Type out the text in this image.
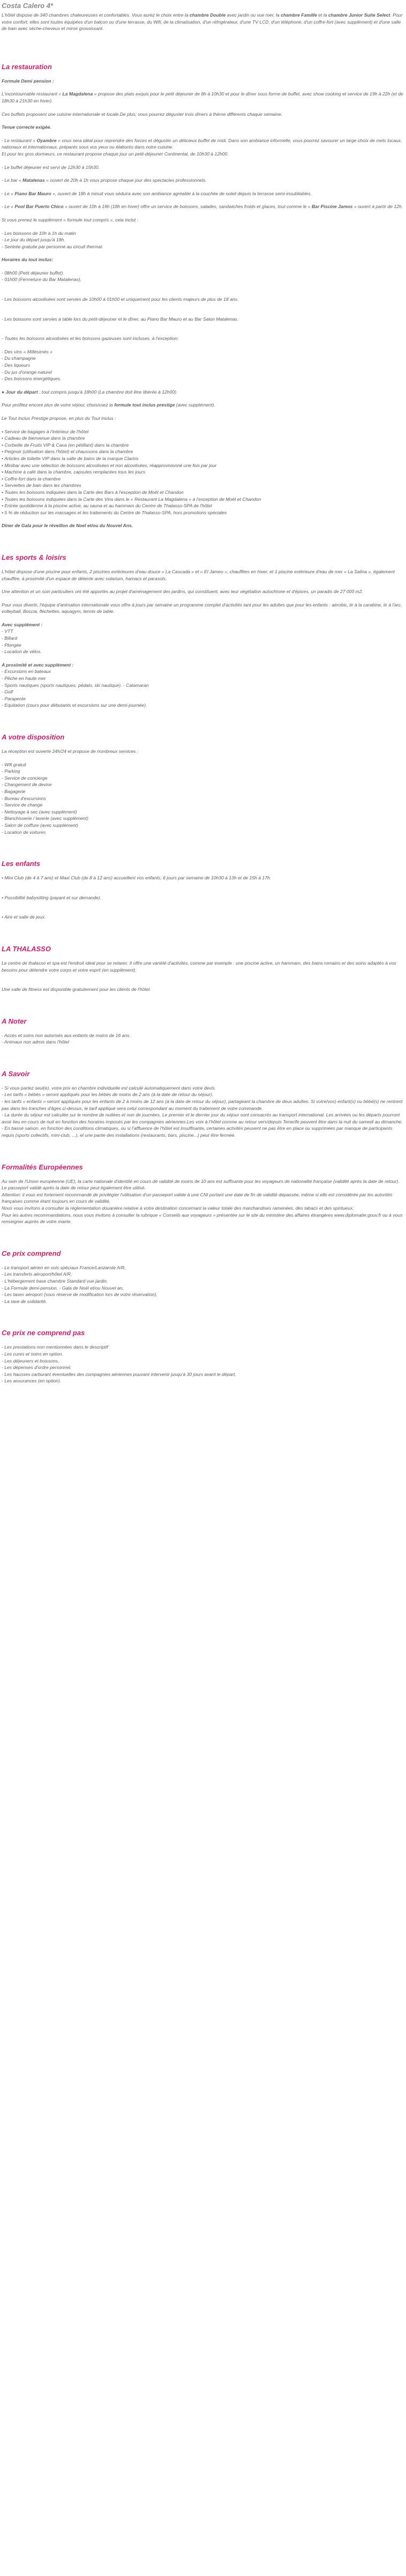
Costa Calero 4*
L'hôtel dispose de 340 chambres chaleureuses et confortables. Vous aurez le choix entre la chambre Double avec jardin ou vue mer, la chambre Famille et la chambre Junior Suite Select. Pour votre confort, elles sont toutes équipées d'un balcon ou d'une terrasse, du Wifi, de la climatisation, d'un réfrigérateur, d'une TV LCD, d'un téléphone, d'un coffre-fort (avec supplément) et d'une salle de bain avec sèche-cheveux et miroir grossissant.
La restauration
Formule Demi pension :
L'incontournable restaurant « La Magdalena » propose des plats exquis pour le petit déjeuner de 8h à 10h30 et pour le dîner sous forme de buffet, avec show cooking et service de 19h à 22h (et de 18h30 à 21h30 en hiver).
Ces buffets proposent une cuisine internationale et locale.De plus, vous pourrez déguster trois dîners à thème différents chaque semaine.
Tenue correcte exigée.
- Le restaurant « Oyambre » vous sera idéal pour reprendre des forces et déguster un délicieux buffet de midi. Dans son ambiance informelle, vous pourrez savourer un large choix de mets locaux, nationaux et internationaux, préparés sous vos yeux ou élaborés dans notre cuisine.
Et pour les gros dormeurs, ce restaurant propose chaque jour un petit-déjeuner Continental, de 10h30 à 12h00.
- Le buffet déjeuner est servi de 12h30 à 15h30.
- Le bar « Matalenas » ouvert de 20h à 1h vous propose chaque jour des spectacles professionnels.
- Le « Piano Bar Mauro », ouvert de 18h à minuit vous séduira avec son ambiance agréable à la couchée de soleil depuis la terrasse semi-insubliables.
- Le « Pool Bar Puerto Chico » ouvert de 10h à 19h (18h en hiver) offre un service de boissons, salades, sandwiches froids et glaces, tout comme le « Bar Piscine Jamos » ouvert à partir de 12h.
Si vous prenez le supplément « formule tout compris », cela inclut :
- Les boissons de 10h à 1h du matin
- Le jour du départ jusqu'à 18h.
- Sentrée gratuite par personne au circuit thermal.
Horaires du tout inclus:
- 08h00 (Petit déjeuner buffet).
- 01h00 (Fermeture du Bar Matalenas).
- Les boissons alcoolisées sont servies de 10h00 à 01h00 et uniquement pour les clients majeurs de plus de 18 ans.
- Les boissons sont servies à table lors du petit-déjeuner et le dîner, au Piano Bar Mauro et au Bar Salon Matalenas.
- Toutes les boissons alcoolisées et les boissons gazeuses sont incluses, à l'exception:
- Des vins « Millésimés »
- Du champagne
- Des liqueurs
- Du jus d'orange naturel
- Des boissons énergétiques.
● Jour du départ : tout compris jusqu'à 18h00 (La chambre doit être libérée à 12h00).
Pour profitez encore plus de votre séjour, choisissez la formule tout inclus prestige (avec supplément).
Le Tout Inclus Prestige propose, en plus du Tout Inclus :
• Service de bagages à l'intérieur de l'hôtel
• Cadeau de bienvenue dans la chambre
• Corbeille de Fruits VIP & Cava (en pétillant) dans la chambre
• Peignoir (utilisation dans l'hôtel) et chaussons dans la chambre
• Articles de toilette VIP dans la salle de bains de la marque Clarins
• Minibar avec une sélection de boissons alcoolisées et non alcoolisées, réapprovisionné une fois par jour
• Machine à café dans la chambre, capsules remplacées tous les jours
• Coffre-fort dans la chambre
• Serviettes de bain dans les chambres
• Toutes les boissons indiquées dans la Carte des Bars à l'exception de Moët et Chandon
• Toutes les boissons indiquées dans la Carte des Vins dans le « Restaurant La Magdalena » à l'exception de Moët et Chandon
• Entrée quotidienne à la piscine active, au sauna et au hammam du Centre de Thalasso-SPA de l'hôtel
• 5 % de réduction sur les massages et les traitements du Centre de Thalasso-SPA, hors promotions spéciales
Dîner de Gala pour le réveillon de Noel et/ou du Nouvel Ans.
Les sports & loisirs
L'hôtel dispose d'une piscine pour enfants, 2 piscines extérieures d'eau douce « La Cascada » et « El Jameo », chauffées en hiver, et 1 piscine extérieure d'eau de mer « La Salina », également chauffée, à proximité d'un espace de détente avec solarium, hamacs et parasols.
Une attention et un soin particuliers ont été apportés au projet d'aménagement des jardins, qui constituent, avec leur végétation autochtone et d'épices, un paradis de 27 000 m2.
Pour vous divertir, l'équipe d'animation internationale vous offre à jours par semaine un programme complet d'activités tant pour les adultes que pour les enfants : aérobic, tir à la carabine, tir à l'arc, volleyball, Boccia, fléchettes, aquagym, tennis de table.
Avec supplément :
- VTT
- Billard
- Plongée
- Location de vélos.
A proximité et avec supplément :
- Excursions en bateaux
- Pêche en haute mer
- Sports nautiques (sports nautiques, pédalo, ski nautique). - Catamaran
- Golf
- Parapente
- Equitation (cours pour débutants et excursions sur une demi-journée).
A votre disposition
La réception est ouverte 24h/24 et propose de nombreux services :
- Wifi gratuit
- Parking
- Service de concierge
- Changement de devise
- Bagagerie
- Bureau d'excursions
- Service de change
- Nettoyage à sec (avec supplément)
- Blanchisserie / laverie (avec supplément)
- Salon de coiffure (avec supplément)
- Location de voitures
Les enfants
• Mini Club (de 4 à 7 ans) et Maxi Club (de 8 à 12 ans) accueillent vos enfants, 6 jours par semaine de 10h30 à 13h et de 15h à 17h.
• Possibilité babysitting (payant et sur demande).
• Aire et salle de jeux.
LA THALASSO
Le centre de thalasso et spa est l'endroit idéal pour se relaxer. Il offre une variété d'activités, comme par exemple : une piscine active, un hammam, des bains romains et des soins adaptés à vos besoins pour détendre votre corps et votre esprit (en supplément).
Une salle de fitness est disponible gratuitement pour les clients de l'hôtel.
A Noter
- Accès et soins non autorisés aux enfants de moins de 16 ans.
- Animaux non admis dans l'hôtel
A Savoir
- Si vous partez seul(e), votre prix en chambre individuelle est calculé automatiquement dans votre devis.
- Les tarifs « bébés » seront appliqués pour les bébés de moins de 2 ans (à la date de retour du séjour).
- les tarifs « enfants » seront appliqués pour les enfants de 2 à moins de 12 ans (à la date de retour du séjour), partageant la chambre de deux adultes. Si votre/vos) enfant(s) ou bébé(s) ne rentrent pas dans les tranches d'âges ci-dessus, le tarif appliqué sera celui correspondant au moment du traitement de votre commande.
- La durée du séjour est calculée sur le nombre de nuitées et non de journées. Le premier et le dernier jour du séjour sont consacrés au transport international. Les arrivées ou les départs pourront avoir lieu en cours de nuit en fonction des horaires imposés par les compagnies aériennes.Les voix à l'hôtel comme au retour vers/depuis Tenerife peuvent être dans la nuit du samedi au dimanche.
- En bassé saison, en fonction des conditions climatiques, ou si l'affluence de l'hôtel est insuffisante, certaines activités peuvent ne pas être en place ou supprimées par manque de participants requis (sports collectifs, mini-club, ...), et une partie des installations (restaurants, bars, piscine...) peut être fermée.
Formalités Européennes
Au sein de l'Union européenne (UE), la carte nationale d'identité en cours de validité de moins de 10 ans est suffisante pour les voyageurs de nationalité française (validité après la date de retour). Le passeport validé après la date de retour peut également être utilisé.
Attention: il vous est fortement recommandé de privilégier l'utilisation d'un passeport valide à une CNI portant une date de fin de validité dépassée, même si elle est considérée par les autorités françaises comme étant toujours en cours de validité.
Nous vous invitons à consulter la réglementation douanière relative à votre destination concernant la valeur totale des marchandises ramenées, des tabacs et des spiritueux.
Pour les autres recommandations, nous vous invitons à consulter la rubrique « Conseils aux voyageurs » présentée sur le site du ministère des affaires étrangères www.diplomatie.gouv.fr ou à vous renseigner auprès de votre mairie.
Ce prix comprend
- Le transport aérien en vols spéciaux France/Lanzarote A/R,
- Les transferts aéroport/hôtel A/R,
- L'hébergement base chambre Standard vue jardin,
- La Formule demi-pension, - Gala de Noël et/ou Nouvel an,
- Les taxes aéroport (sous réserve de modification lors de votre réservation),
- La taxe de solidarité.
Ce prix ne comprend pas
- Les prestations non mentionnées dans le descriptif
- Les cures et soins en option,
- Les déjeuners et boissons,
- Les dépenses d'ordre personnel,
- Les hausses carburant éventuelles des compagnies aériennes pouvant intervenir jusqu'à 30 jours avant le départ,
- Les assurances (en option).
